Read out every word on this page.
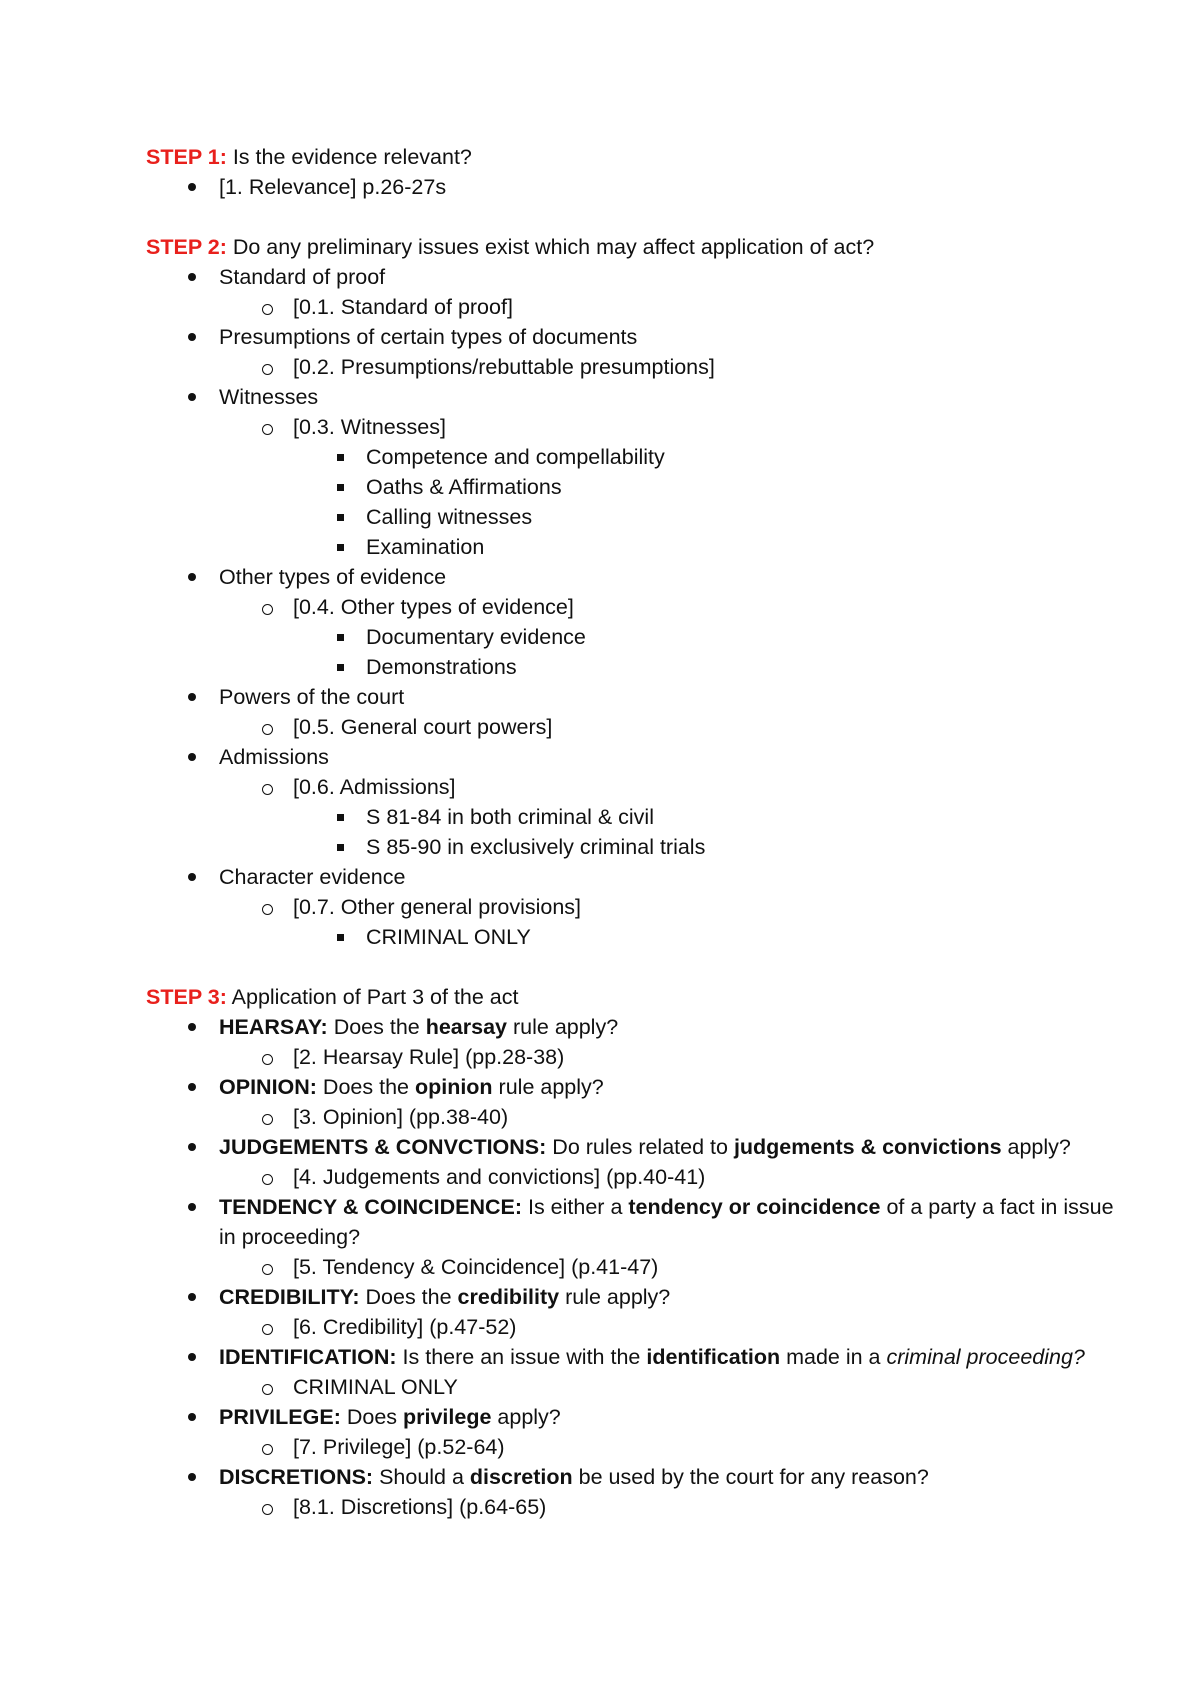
STEP 1: Is the evidence relevant?
[1. Relevance] p.26-27s
STEP 2: Do any preliminary issues exist which may affect application of act?
Standard of proof
[0.1. Standard of proof]
Presumptions of certain types of documents
[0.2. Presumptions/rebuttable presumptions]
Witnesses
[0.3. Witnesses]
Competence and compellability
Oaths & Affirmations
Calling witnesses
Examination
Other types of evidence
[0.4. Other types of evidence]
Documentary evidence
Demonstrations
Powers of the court
[0.5. General court powers]
Admissions
[0.6. Admissions]
S 81-84 in both criminal & civil
S 85-90 in exclusively criminal trials
Character evidence
[0.7. Other general provisions]
CRIMINAL ONLY
STEP 3: Application of Part 3 of the act
HEARSAY: Does the hearsay rule apply?
[2. Hearsay Rule] (pp.28-38)
OPINION: Does the opinion rule apply?
[3. Opinion] (pp.38-40)
JUDGEMENTS & CONVCTIONS: Do rules related to judgements & convictions apply?
[4. Judgements and convictions] (pp.40-41)
TENDENCY & COINCIDENCE: Is either a tendency or coincidence of a party a fact in issue in proceeding?
[5. Tendency & Coincidence] (p.41-47)
CREDIBILITY: Does the credibility rule apply?
[6. Credibility] (p.47-52)
IDENTIFICATION: Is there an issue with the identification made in a criminal proceeding?
CRIMINAL ONLY
PRIVILEGE: Does privilege apply?
[7. Privilege] (p.52-64)
DISCRETIONS: Should a discretion be used by the court for any reason?
[8.1. Discretions] (p.64-65)
